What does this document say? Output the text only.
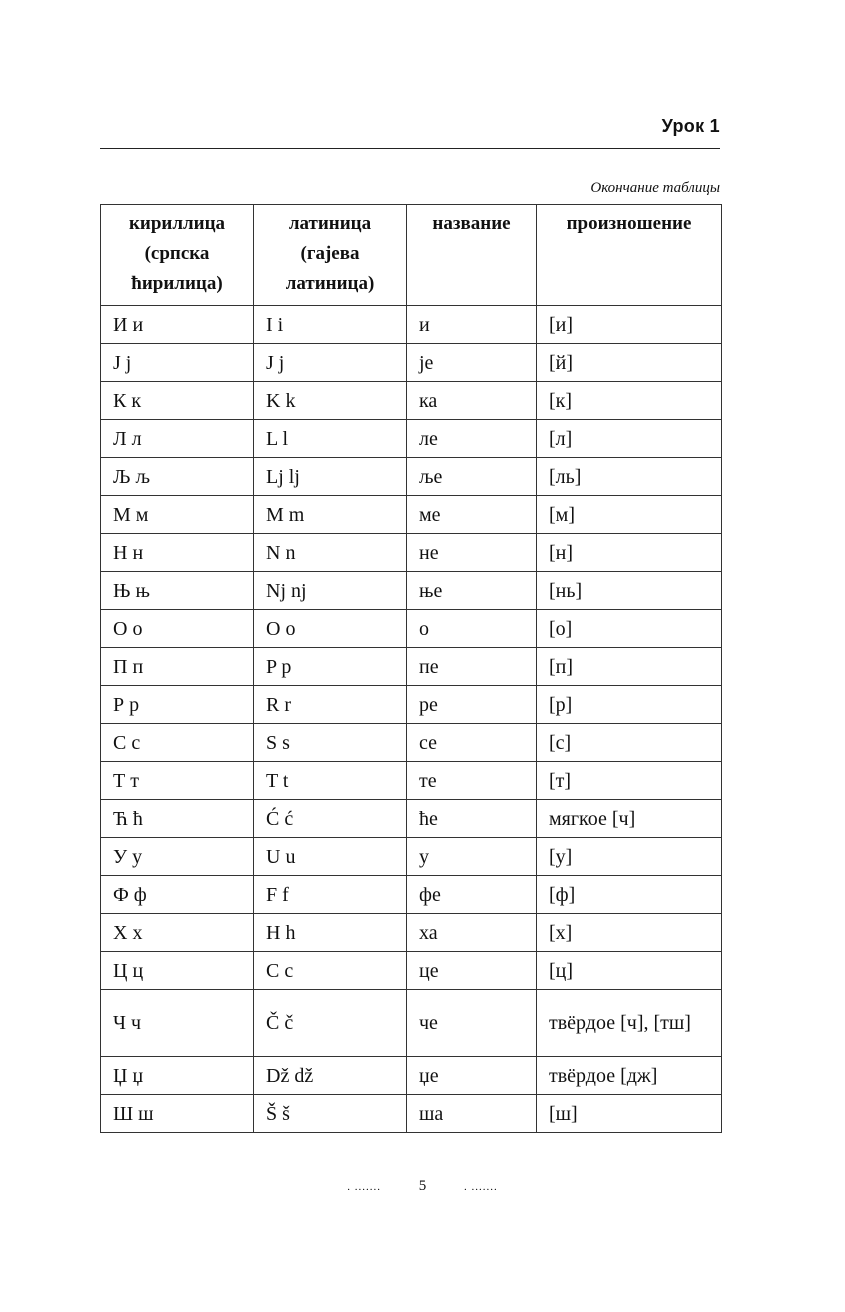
Урок 1
Окончание таблицы
кириллица (српска ћирилица)	латиница (гајева латиница)	название	произношение
И и	I i	и	[и]
J j	J j	je	[й]
К к	K k	ка	[к]
Л л	L l	ле	[л]
Љ љ	Lj lj	ље	[ль]
М м	M m	ме	[м]
Н н	N n	не	[н]
Њ њ	Nj nj	ње	[нь]
О о	O o	о	[о]
П п	P p	пе	[п]
Р р	R r	ре	[р]
С с	S s	се	[с]
Т т	T t	те	[т]
Ћ ћ	Ć ć	ће	мягкое [ч]
У у	U u	у	[у]
Ф ф	F f	фе	[ф]
Х х	H h	ха	[х]
Ц ц	C c	це	[ц]
Ч ч	Č č	че	твёрдое [ч], [тш]
Џ џ	Dž dž	џе	твёрдое [дж]
Ш ш	Š š	ша	[ш]
. .......	5	. .......
